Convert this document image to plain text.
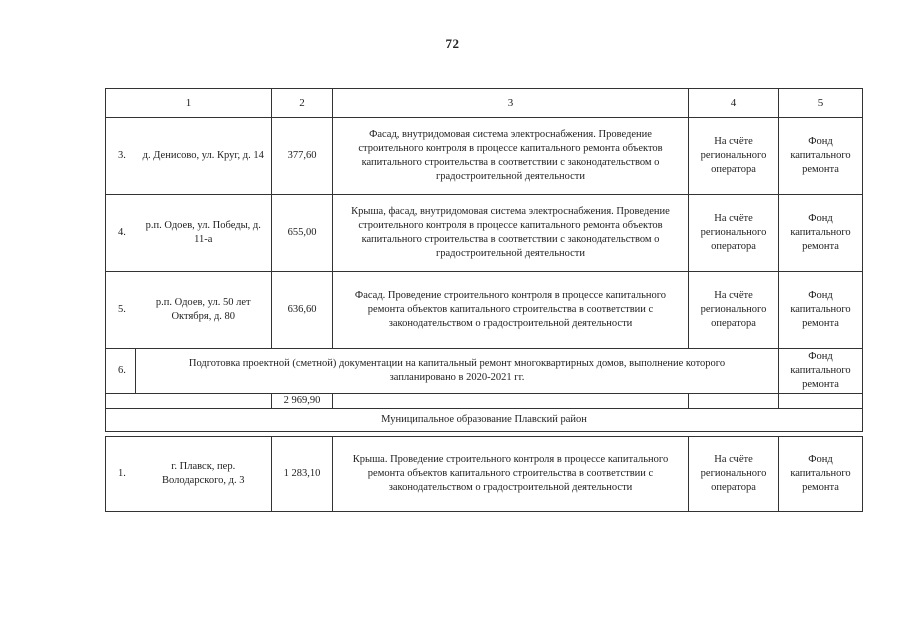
72
1		2	3	4	5
3.	д. Денисово, ул. Круг, д. 14	377,60	Фасад, внутридомовая система электроснабжения. Проведение строительного контроля в процессе капитального ремонта объектов капитального строительства в соответствии с законодательством о градостроительной деятельности	На счёте регионального оператора	Фонд капитального ремонта
4.	р.п. Одоев, ул. Победы, д. 11-а	655,00	Крыша, фасад, внутридомовая система электроснабжения. Проведение строительного контроля в процессе капитального ремонта объектов капитального строительства в соответствии с законодательством о градостроительной деятельности	На счёте регионального оператора	Фонд капитального ремонта
5.	р.п. Одоев, ул. 50 лет Октября, д. 80	636,60	Фасад. Проведение строительного контроля в процессе капитального ремонта объектов капитального строительства в соответствии с законодательством о градостроительной деятельности	На счёте регионального оператора	Фонд капитального ремонта
6.	Подготовка проектной (сметной) документации на капитальный ремонт многоквартирных домов, выполнение которого запланировано в 2020-2021 гг.				Фонд капитального ремонта
		2 969,90			
Муниципальное образование Плавский район					

1.	г. Плавск, пер. Володарского, д. 3	1 283,10	Крыша. Проведение строительного контроля в процессе капитального ремонта объектов капитального строительства в соответствии с законодательством о градостроительной деятельности	На счёте регионального оператора	Фонд капитального ремонта
